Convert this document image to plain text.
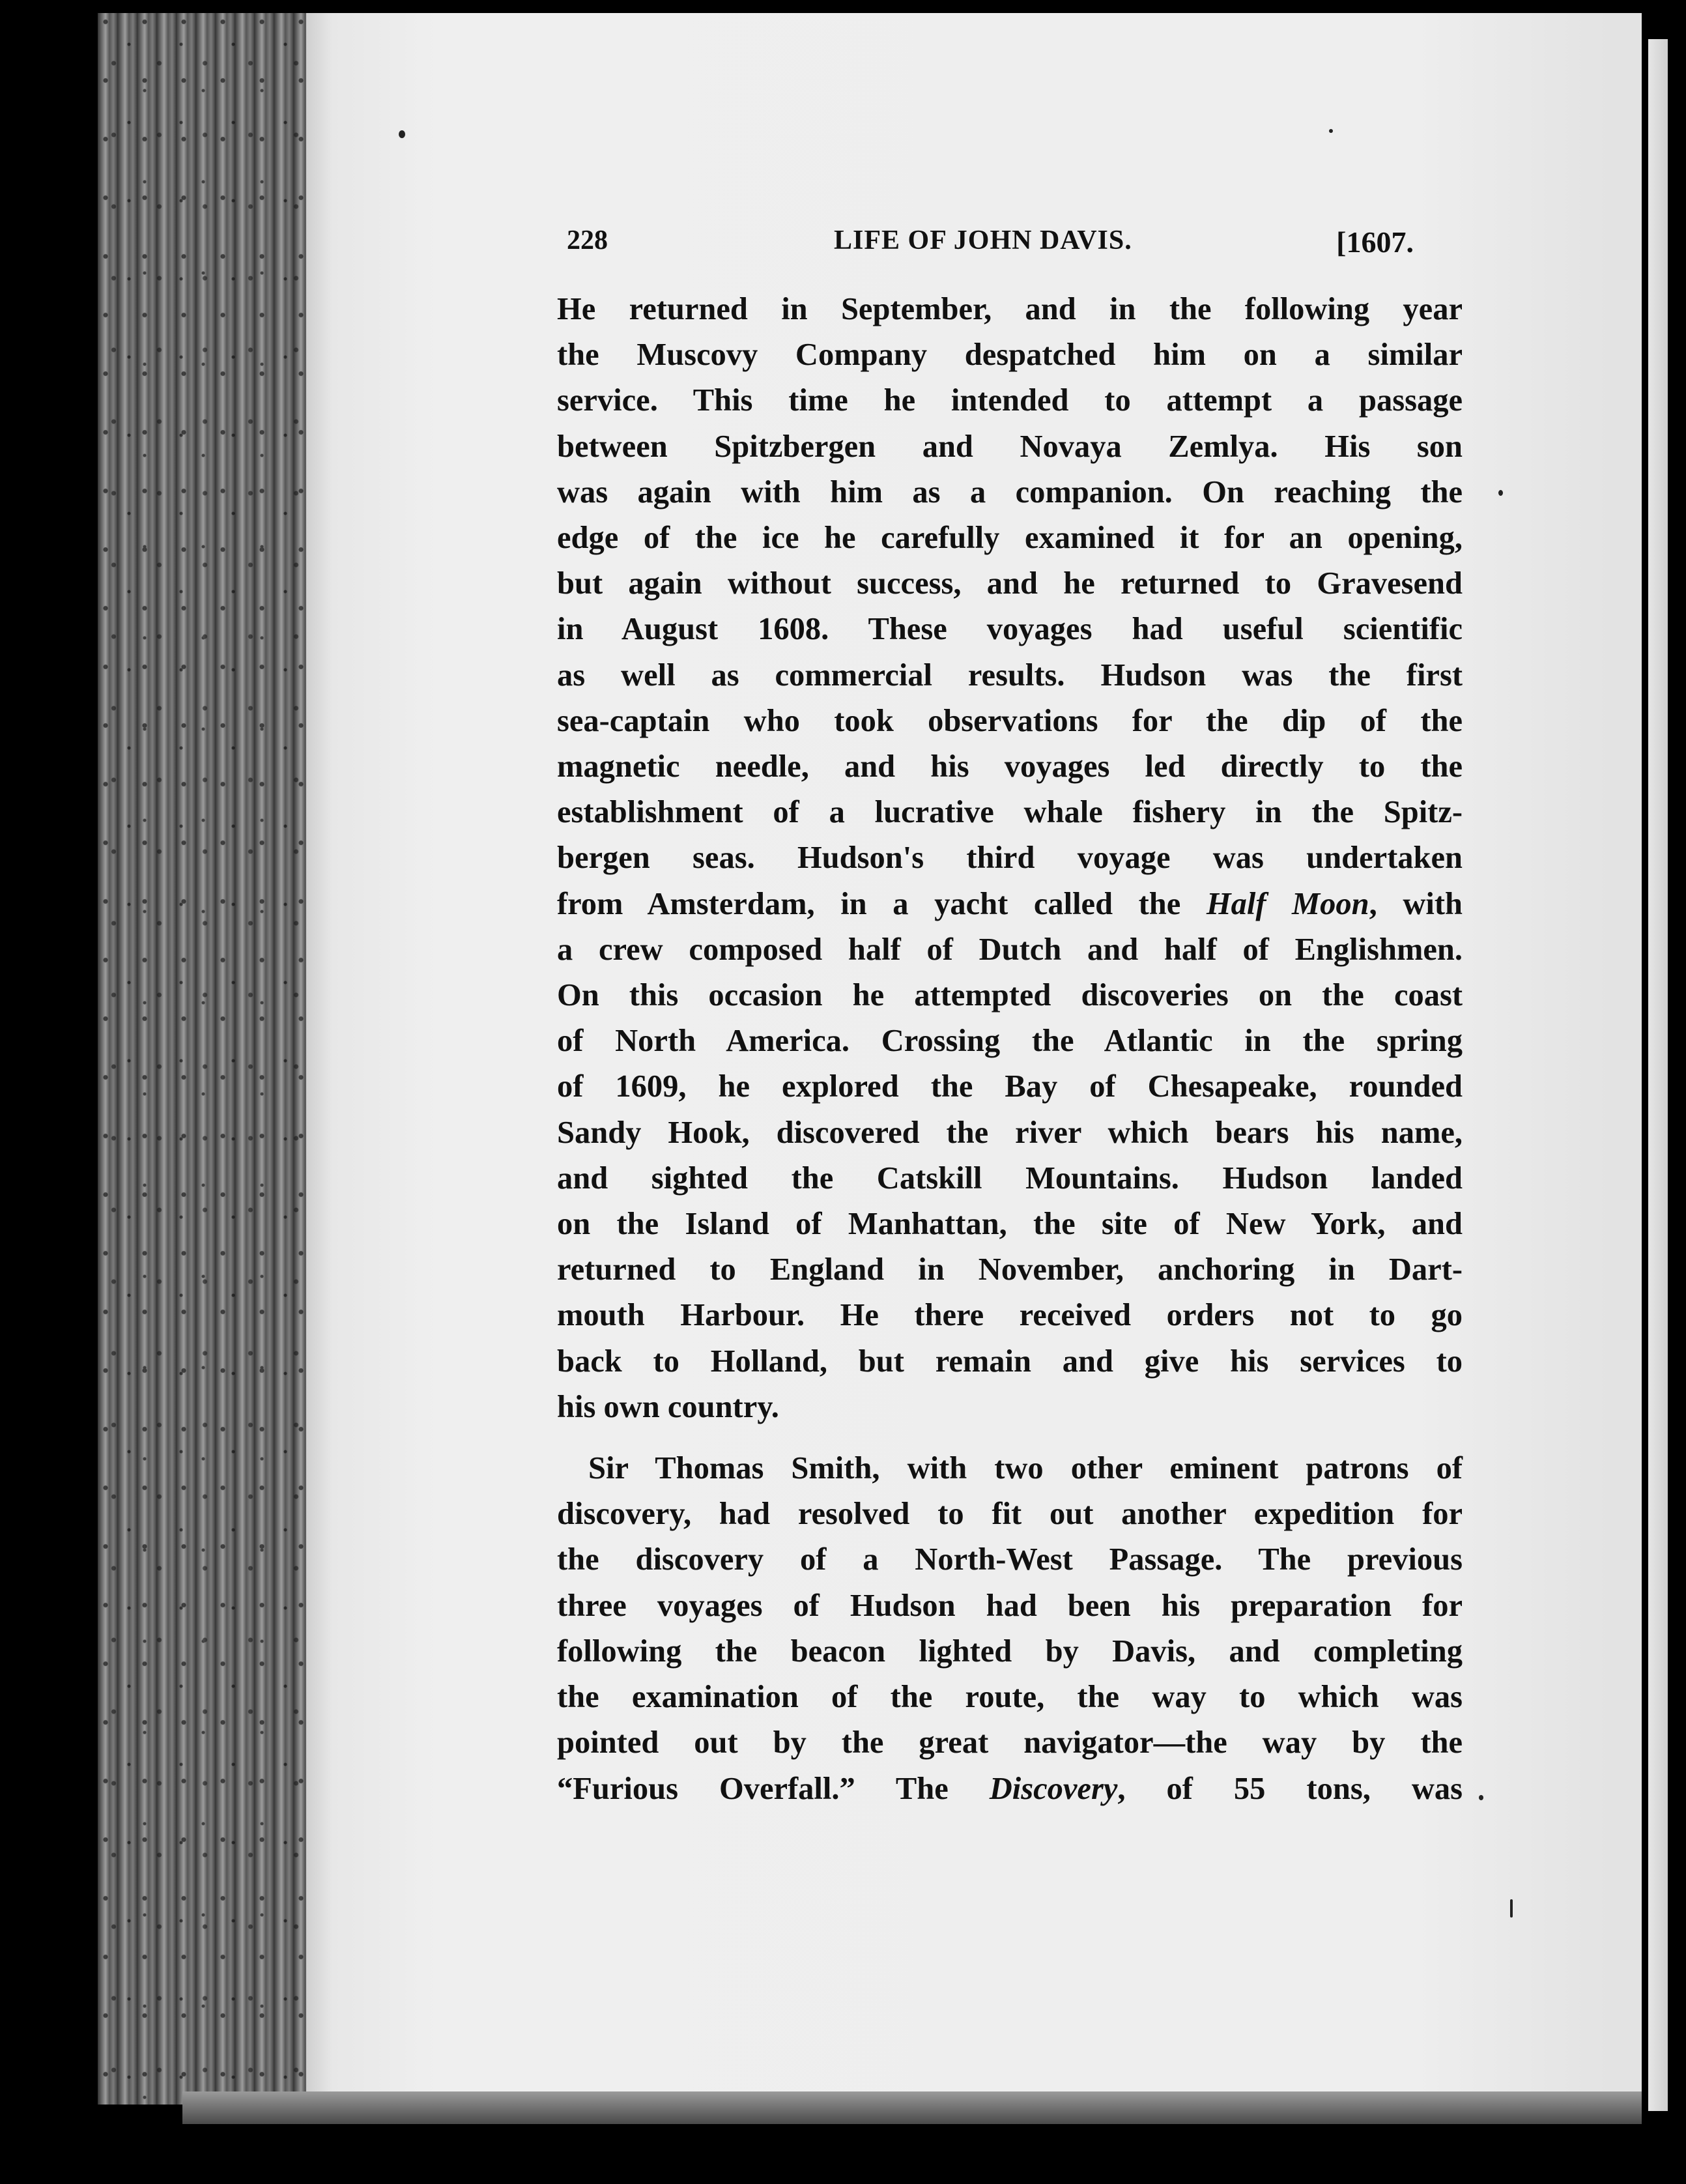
228	LIFE OF JOHN DAVIS.	[1607.
He returned in September, and in the following year
the Muscovy Company despatched him on a similar
service. This time he intended to attempt a passage
between Spitzbergen and Novaya Zemlya. His son
was again with him as a companion. On reaching the
edge of the ice he carefully examined it for an opening,
but again without success, and he returned to Gravesend
in August 1608. These voyages had useful scientific
as well as commercial results. Hudson was the first
sea-captain who took observations for the dip of the
magnetic needle, and his voyages led directly to the
establishment of a lucrative whale fishery in the Spitz-
bergen seas. Hudson's third voyage was undertaken
from Amsterdam, in a yacht called the Half Moon, with
a crew composed half of Dutch and half of Englishmen.
On this occasion he attempted discoveries on the coast
of North America. Crossing the Atlantic in the spring
of 1609, he explored the Bay of Chesapeake, rounded
Sandy Hook, discovered the river which bears his name,
and sighted the Catskill Mountains. Hudson landed
on the Island of Manhattan, the site of New York, and
returned to England in November, anchoring in Dart-
mouth Harbour. He there received orders not to go
back to Holland, but remain and give his services to
his own country.
Sir Thomas Smith, with two other eminent patrons of
discovery, had resolved to fit out another expedition for
the discovery of a North-West Passage. The previous
three voyages of Hudson had been his preparation for
following the beacon lighted by Davis, and completing
the examination of the route, the way to which was
pointed out by the great navigator—the way by the
“Furious Overfall.” The Discovery, of 55 tons, was
